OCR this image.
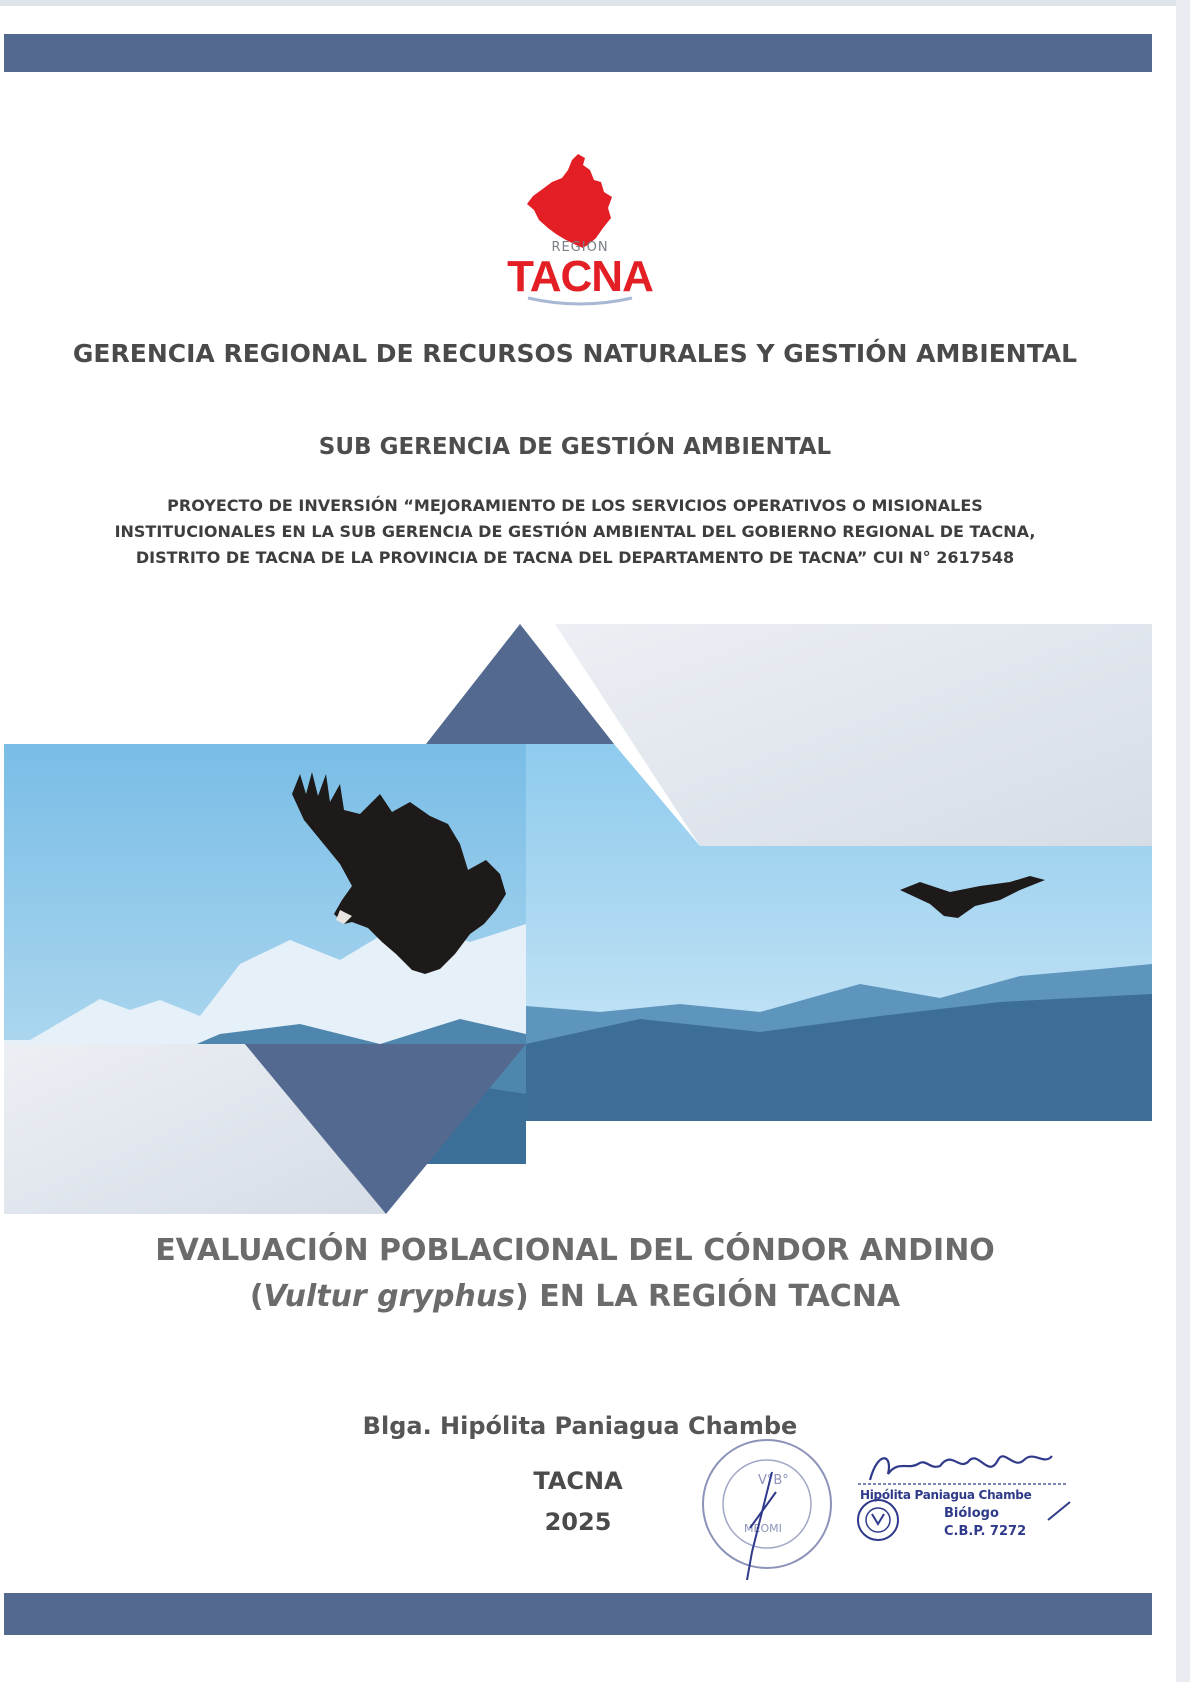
REGION
TACNA
GERENCIA REGIONAL DE RECURSOS NATURALES Y GESTIÓN AMBIENTAL
SUB GERENCIA DE GESTIÓN AMBIENTAL
PROYECTO DE INVERSIÓN “MEJORAMIENTO DE LOS SERVICIOS OPERATIVOS O MISIONALES INSTITUCIONALES EN LA SUB GERENCIA DE GESTIÓN AMBIENTAL DEL GOBIERNO REGIONAL DE TACNA, DISTRITO DE TACNA DE LA PROVINCIA DE TACNA DEL DEPARTAMENTO DE TACNA” CUI N° 2617548
EVALUACIÓN POBLACIONAL DEL CÓNDOR ANDINO
(Vultur gryphus) EN LA REGIÓN TACNA
Blga. Hipólita Paniagua Chambe
TACNA
2025
V°B°
MEOMI
Hipólita Paniagua Chambe
Biólogo
C.B.P. 7272
